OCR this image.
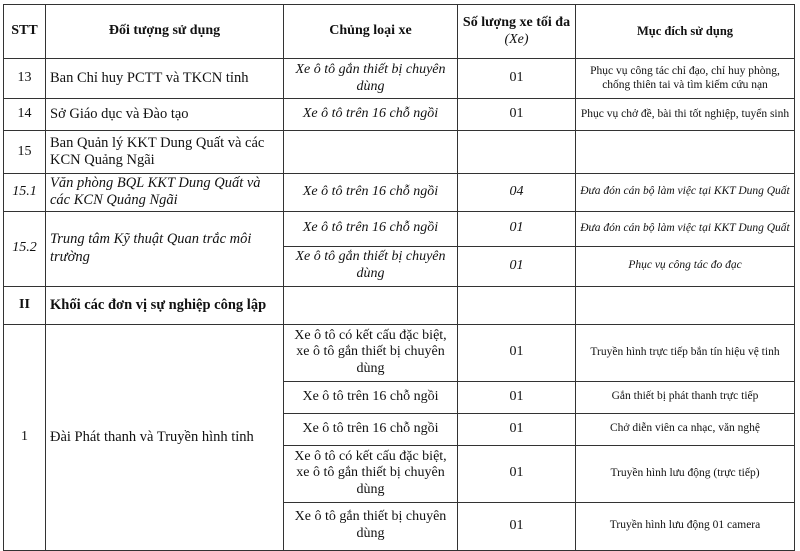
STT	Đối tượng sử dụng	Chủng loại xe	Số lượng xe tối đa (Xe)	Mục đích sử dụng
13	Ban Chỉ huy PCTT và TKCN tỉnh	Xe ô tô gắn thiết bị chuyên dùng	01	Phục vụ công tác chỉ đạo, chỉ huy phòng, chống thiên tai và tìm kiếm cứu nạn
14	Sở Giáo dục và Đào tạo	Xe ô tô trên 16 chỗ ngồi	01	Phục vụ chở đề, bài thi tốt nghiệp, tuyển sinh
15	Ban Quản lý KKT Dung Quất và các KCN Quảng Ngãi			
15.1	Văn phòng BQL KKT Dung Quất và các KCN Quảng Ngãi	Xe ô tô trên 16 chỗ ngồi	04	Đưa đón cán bộ làm việc tại KKT Dung Quất
15.2	Trung tâm Kỹ thuật Quan trắc môi trường	Xe ô tô trên 16 chỗ ngồi	01	Đưa đón cán bộ làm việc tại KKT Dung Quất
		Xe ô tô gắn thiết bị chuyên dùng	01	Phục vụ công tác đo đạc
II	Khối các đơn vị sự nghiệp công lập			
1	Đài Phát thanh và Truyền hình tỉnh	Xe ô tô có kết cấu đặc biệt, xe ô tô gắn thiết bị chuyên dùng	01	Truyền hình trực tiếp bắn tín hiệu vệ tinh
		Xe ô tô trên 16 chỗ ngồi	01	Gắn thiết bị phát thanh trực tiếp
		Xe ô tô trên 16 chỗ ngồi	01	Chở diễn viên ca nhạc, văn nghệ
		Xe ô tô có kết cấu đặc biệt, xe ô tô gắn thiết bị chuyên dùng	01	Truyền hình lưu động (trực tiếp)
		Xe ô tô gắn thiết bị chuyên dùng	01	Truyền hình lưu động 01 camera
